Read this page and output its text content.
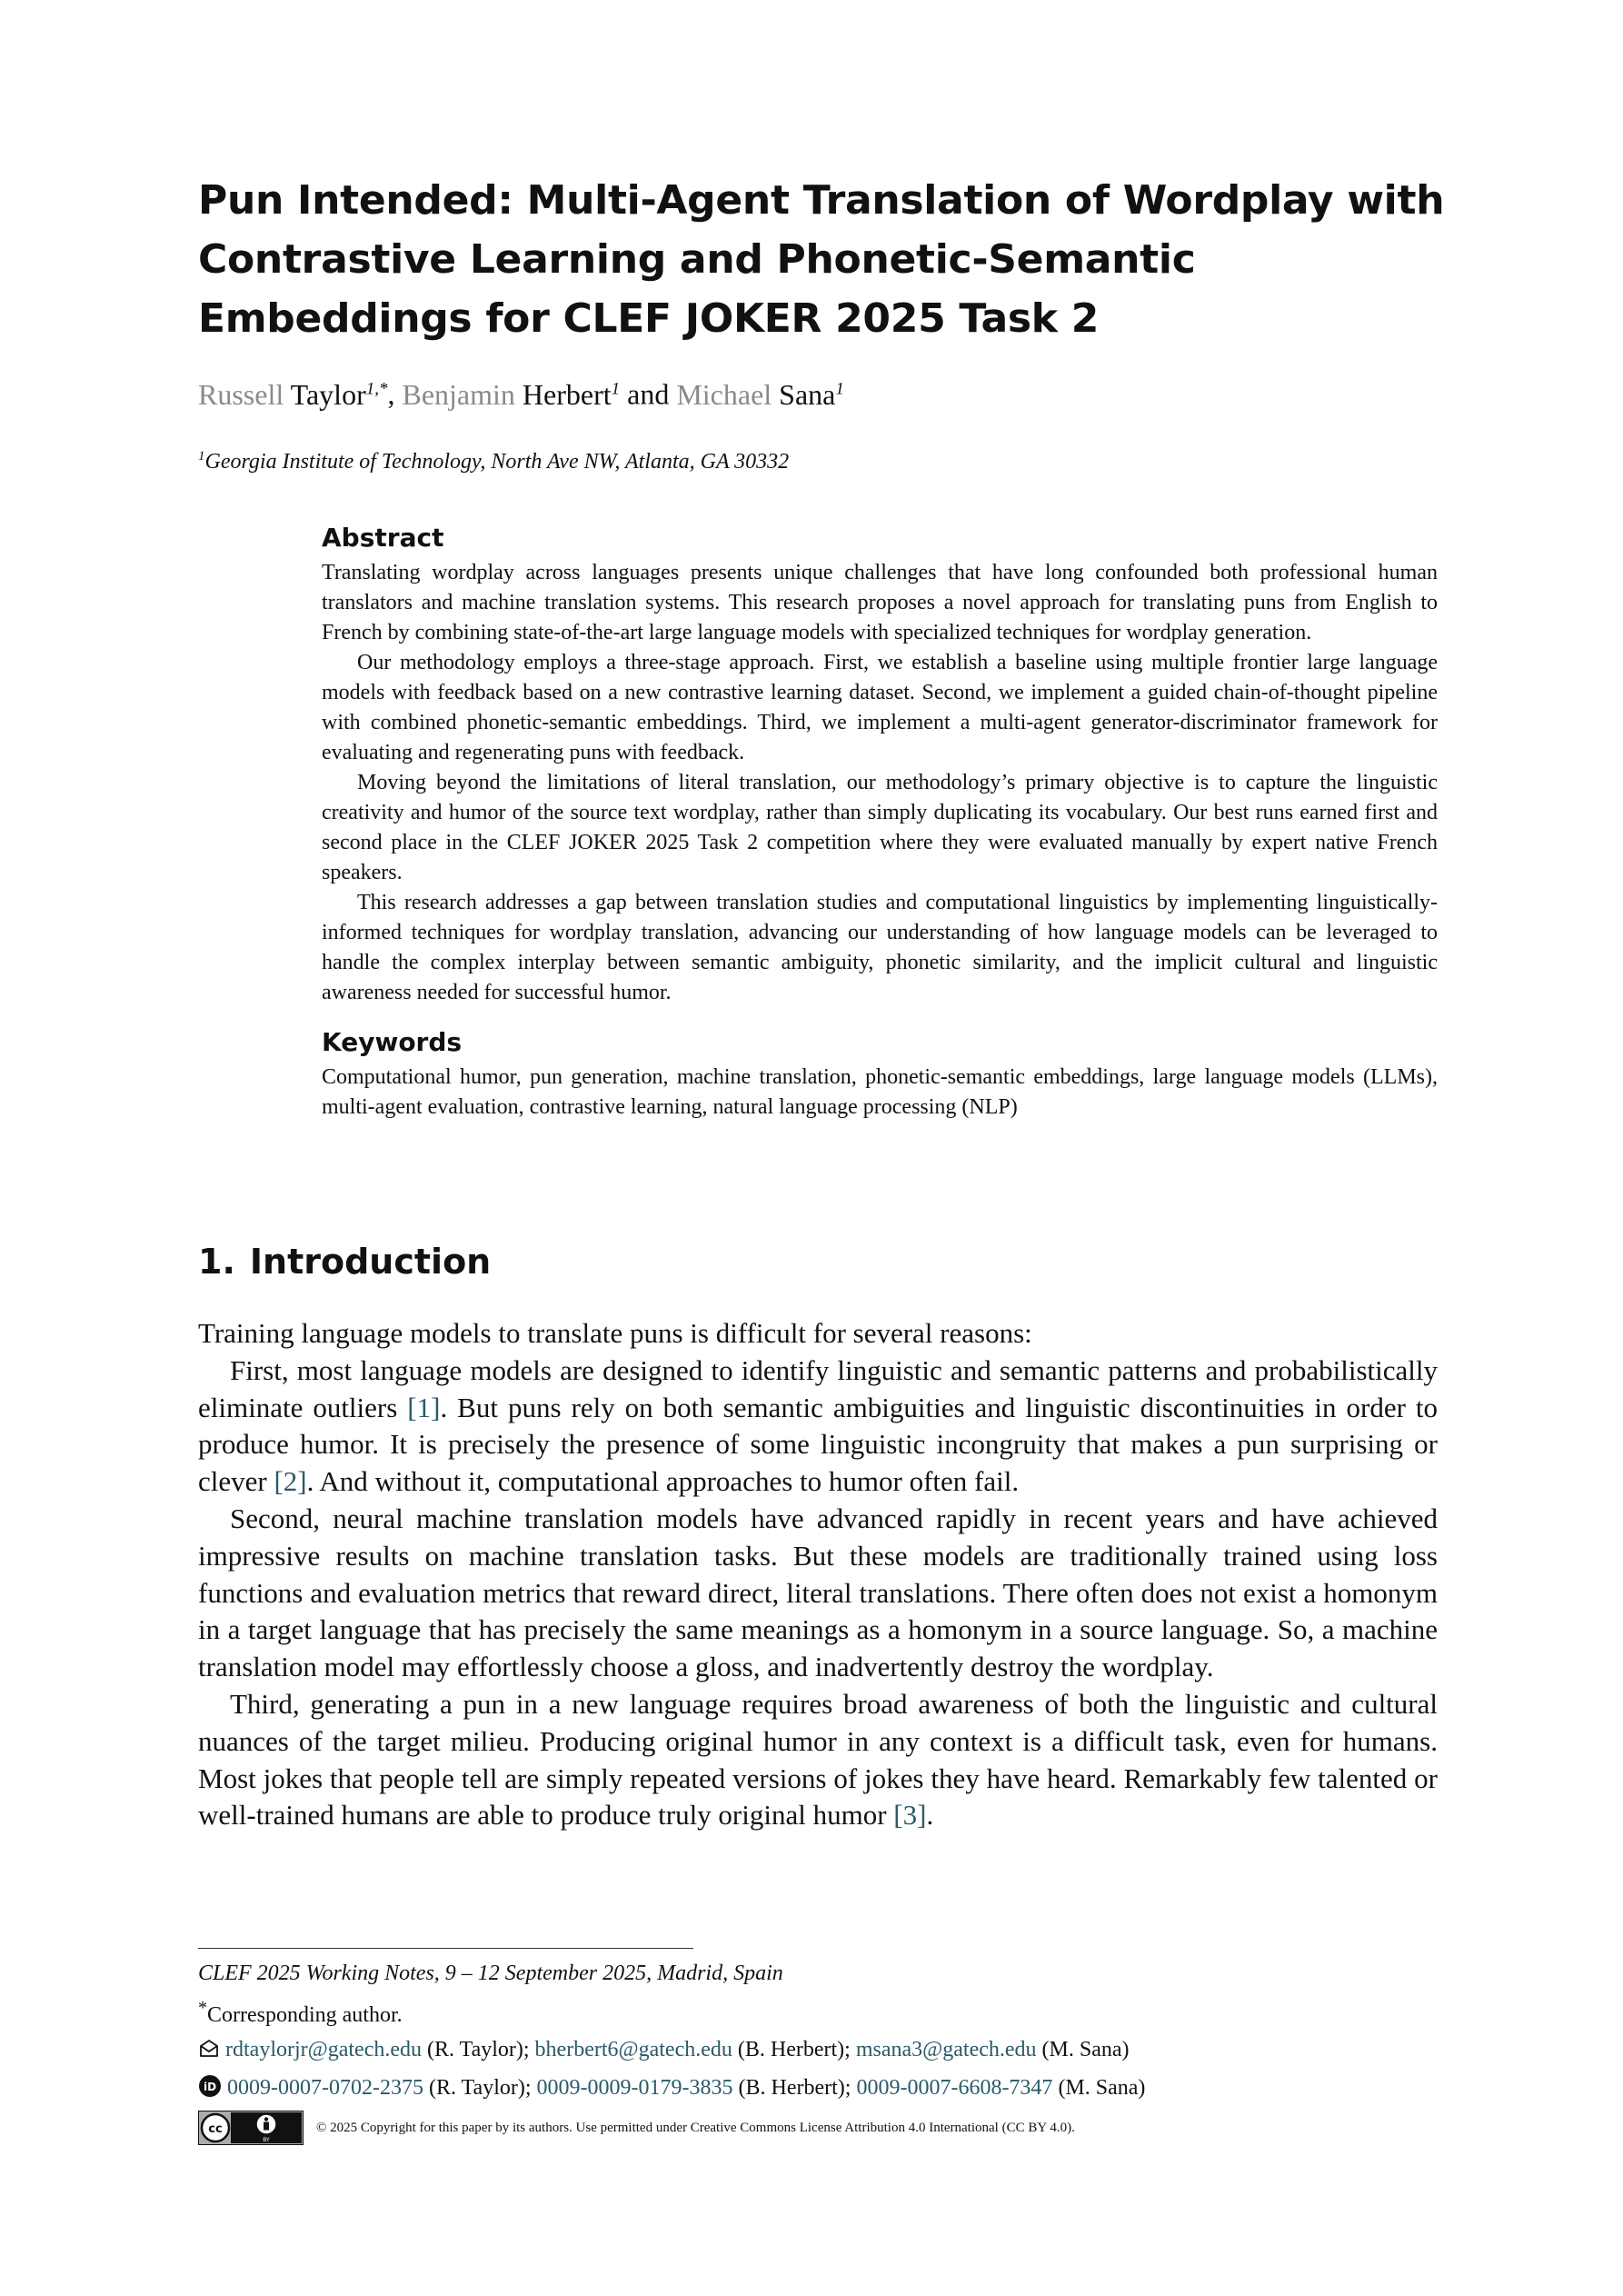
Pun Intended: Multi-Agent Translation of Wordplay with Contrastive Learning and Phonetic-Semantic Embeddings for CLEF JOKER 2025 Task 2
Russell Taylor$^{1,*}$, Benjamin Herbert$^1$ and Michael Sana$^1$
$^1$Georgia Institute of Technology, North Ave NW, Atlanta, GA 30332
Abstract

Translating wordplay across languages presents unique challenges that have long confounded both professional human translators and machine translation systems. This research proposes a novel approach for translating puns from English to French by combining state-of-the-art large language models with specialized techniques for wordplay generation.

Our methodology employs a three-stage approach. First, we establish a baseline using multiple frontier large language models with feedback based on a new contrastive learning dataset. Second, we implement a guided chain-of-thought pipeline with combined phonetic-semantic embeddings. Third, we implement a multi-agent generator-discriminator framework for evaluating and regenerating puns with feedback.

Moving beyond the limitations of literal translation, our methodology’s primary objective is to capture the linguistic creativity and humor of the source text wordplay, rather than simply duplicating its vocabulary. Our best runs earned first and second place in the CLEF JOKER 2025 Task 2 competition where they were evaluated manually by expert native French speakers.

This research addresses a gap between translation studies and computational linguistics by implementing linguistically-informed techniques for wordplay translation, advancing our understanding of how language models can be leveraged to handle the complex interplay between semantic ambiguity, phonetic similarity, and the implicit cultural and linguistic awareness needed for successful humor.

Keywords

Computational humor, pun generation, machine translation, phonetic-semantic embeddings, large language models (LLMs), multi-agent evaluation, contrastive learning, natural language processing (NLP)

1. Introduction

Training language models to translate puns is difficult for several reasons:

First, most language models are designed to identify linguistic and semantic patterns and probabilistically eliminate outliers [1]. But puns rely on both semantic ambiguities and linguistic discontinuities in order to produce humor. It is precisely the presence of some linguistic incongruity that makes a pun surprising or clever [2]. And without it, computational approaches to humor often fail.

Second, neural machine translation models have advanced rapidly in recent years and have achieved impressive results on machine translation tasks. But these models are traditionally trained using loss functions and evaluation metrics that reward direct, literal translations. There often does not exist a homonym in a target language that has precisely the same meanings as a homonym in a source language. So, a machine translation model may effortlessly choose a gloss, and inadvertently destroy the wordplay.

Third, generating a pun in a new language requires broad awareness of both the linguistic and cultural nuances of the target milieu. Producing original humor in any context is a difficult task, even for humans. Most jokes that people tell are simply repeated versions of jokes they have heard. Remarkably few talented or well-trained humans are able to produce truly original humor [3].

CLEF 2025 Working Notes, 9 – 12 September 2025, Madrid, Spain
*Corresponding author.
rdtaylorjr@gatech.edu (R. Taylor); bherbert6@gatech.edu (B. Herbert); msana3@gatech.edu (M. Sana)
iD 0009-0007-0702-2375 (R. Taylor); 0009-0009-0179-3835 (B. Herbert); 0009-0007-6608-7347 (M. Sana)
cc
BY
© 2025 Copyright for this paper by its authors. Use permitted under Creative Commons License Attribution 4.0 International (CC BY 4.0).
